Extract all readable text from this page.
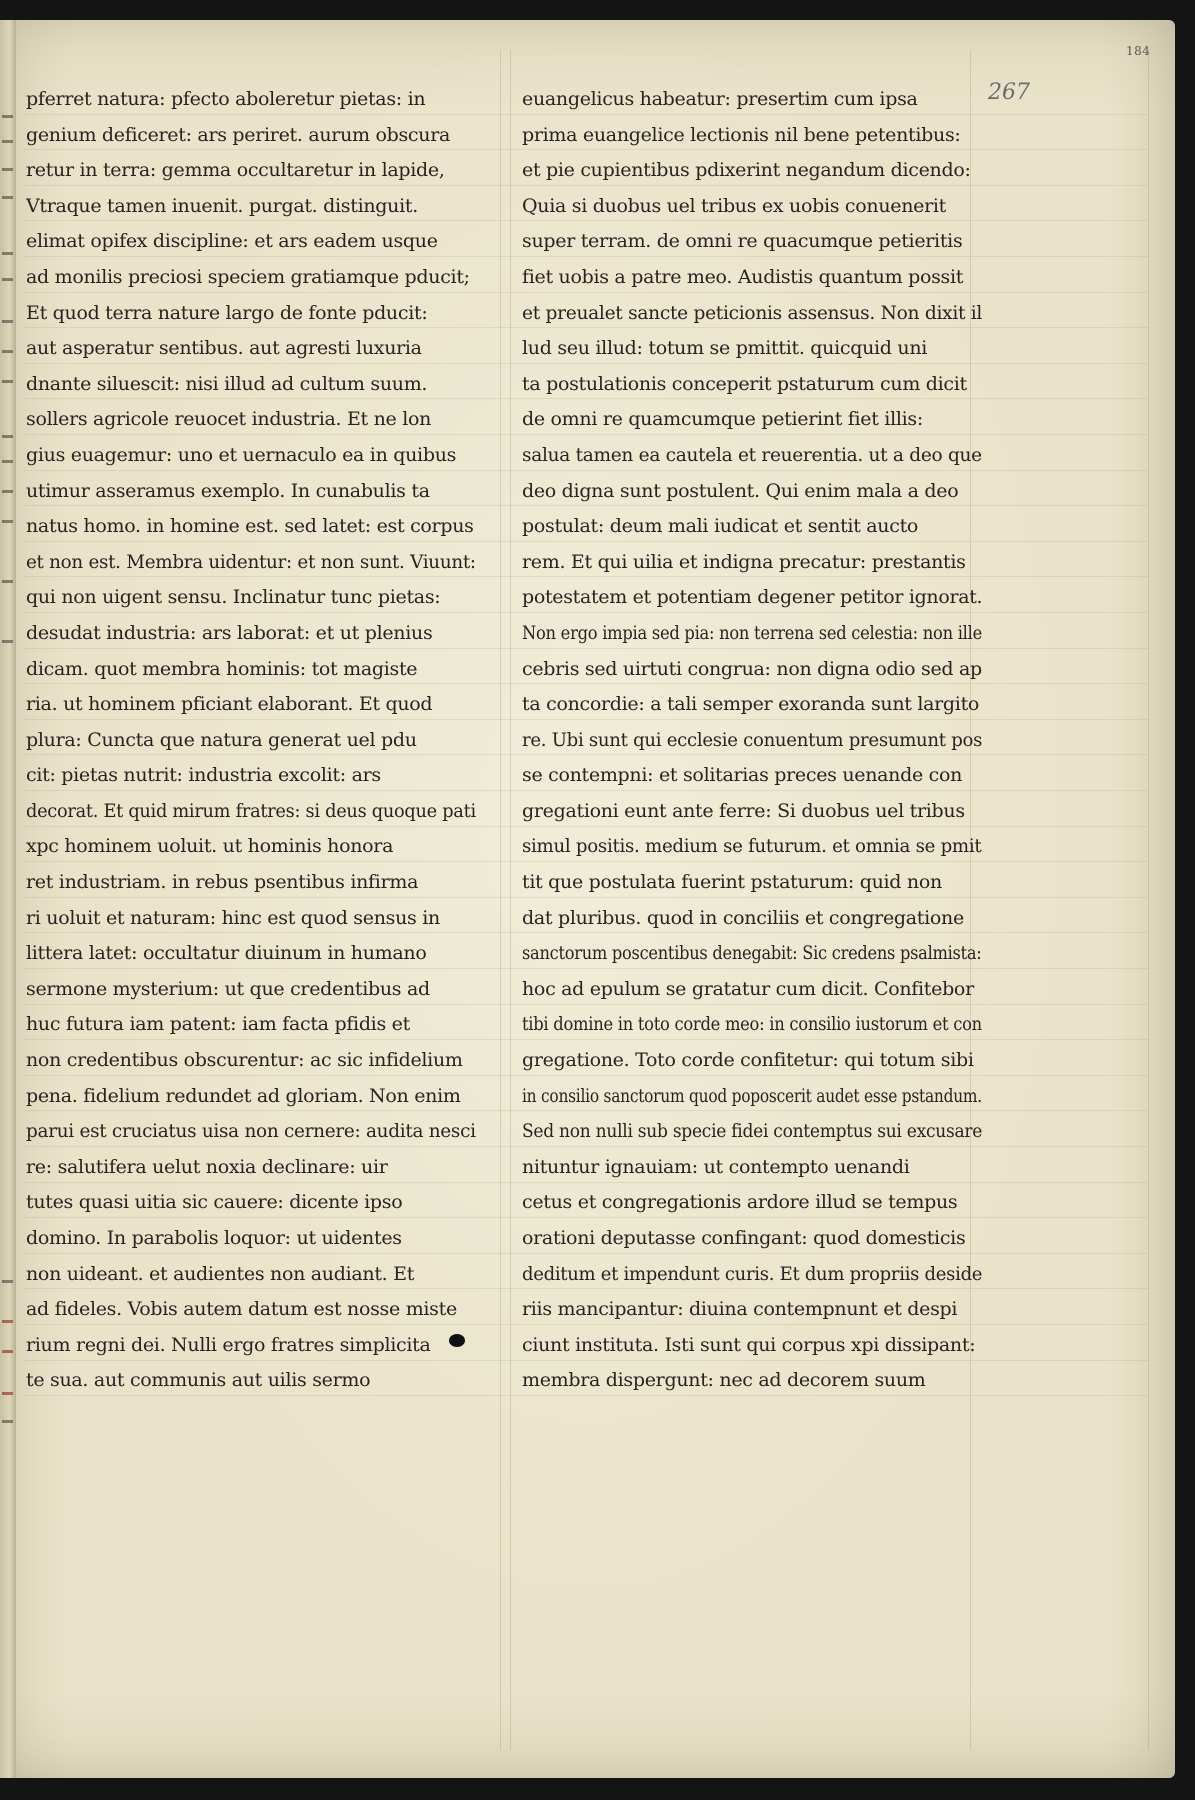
184
267
pferret natura: pfecto aboleretur pietas: in
genium deficeret: ars periret. aurum obscura
retur in terra: gemma occultaretur in lapide,
Vtraque tamen inuenit. purgat. distinguit.
elimat opifex discipline: et ars eadem usque
ad monilis preciosi speciem gratiamque pducit;
Et quod terra nature largo de fonte pducit:
aut asperatur sentibus. aut agresti luxuria
dnante siluescit: nisi illud ad cultum suum.
sollers agricole reuocet industria. Et ne lon
gius euagemur: uno et uernaculo ea in quibus
utimur asseramus exemplo. In cunabulis ta
natus homo. in homine est. sed latet: est corpus
et non est. Membra uidentur: et non sunt. Viuunt:
qui non uigent sensu. Inclinatur tunc pietas:
desudat industria: ars laborat: et ut plenius
dicam. quot membra hominis: tot magiste
ria. ut hominem pficiant elaborant. Et quod
plura: Cuncta que natura generat uel pdu
cit: pietas nutrit: industria excolit: ars
decorat. Et quid mirum fratres: si deus quoque pati
xpc hominem uoluit. ut hominis honora
ret industriam. in rebus psentibus infirma
ri uoluit et naturam: hinc est quod sensus in
littera latet: occultatur diuinum in humano
sermone mysterium: ut que credentibus ad
huc futura iam patent: iam facta pfidis et
non credentibus obscurentur: ac sic infidelium
pena. fidelium redundet ad gloriam. Non enim
parui est cruciatus uisa non cernere: audita nesci
re: salutifera uelut noxia declinare: uir
tutes quasi uitia sic cauere: dicente ipso
domino. In parabolis loquor: ut uidentes
non uideant. et audientes non audiant. Et
ad fideles. Vobis autem datum est nosse miste
rium regni dei. Nulli ergo fratres simplicita
te sua. aut communis aut uilis sermo
euangelicus habeatur: presertim cum ipsa
prima euangelice lectionis nil bene petentibus:
et pie cupientibus pdixerint negandum dicendo:
Quia si duobus uel tribus ex uobis conuenerit
super terram. de omni re quacumque petieritis
fiet uobis a patre meo. Audistis quantum possit
et preualet sancte peticionis assensus. Non dixit il
lud seu illud: totum se pmittit. quicquid uni
ta postulationis conceperit pstaturum cum dicit
de omni re quamcumque petierint fiet illis:
salua tamen ea cautela et reuerentia. ut a deo que
deo digna sunt postulent. Qui enim mala a deo
postulat: deum mali iudicat et sentit aucto
rem. Et qui uilia et indigna precatur: prestantis
potestatem et potentiam degener petitor ignorat.
Non ergo impia sed pia: non terrena sed celestia: non ille
cebris sed uirtuti congrua: non digna odio sed ap
ta concordie: a tali semper exoranda sunt largito
re. Ubi sunt qui ecclesie conuentum presumunt pos
se contempni: et solitarias preces uenande con
gregationi eunt ante ferre: Si duobus uel tribus
simul positis. medium se futurum. et omnia se pmit
tit que postulata fuerint pstaturum: quid non
dat pluribus. quod in conciliis et congregatione
sanctorum poscentibus denegabit: Sic credens psalmista:
hoc ad epulum se gratatur cum dicit. Confitebor
tibi domine in toto corde meo: in consilio iustorum et con
gregatione. Toto corde confitetur: qui totum sibi
in consilio sanctorum quod poposcerit audet esse pstandum.
Sed non nulli sub specie fidei contemptus sui excusare
nituntur ignauiam: ut contempto uenandi
cetus et congregationis ardore illud se tempus
orationi deputasse confingant: quod domesticis
deditum et impendunt curis. Et dum propriis deside
riis mancipantur: diuina contempnunt et despi
ciunt instituta. Isti sunt qui corpus xpi dissipant:
membra dispergunt: nec ad decorem suum
